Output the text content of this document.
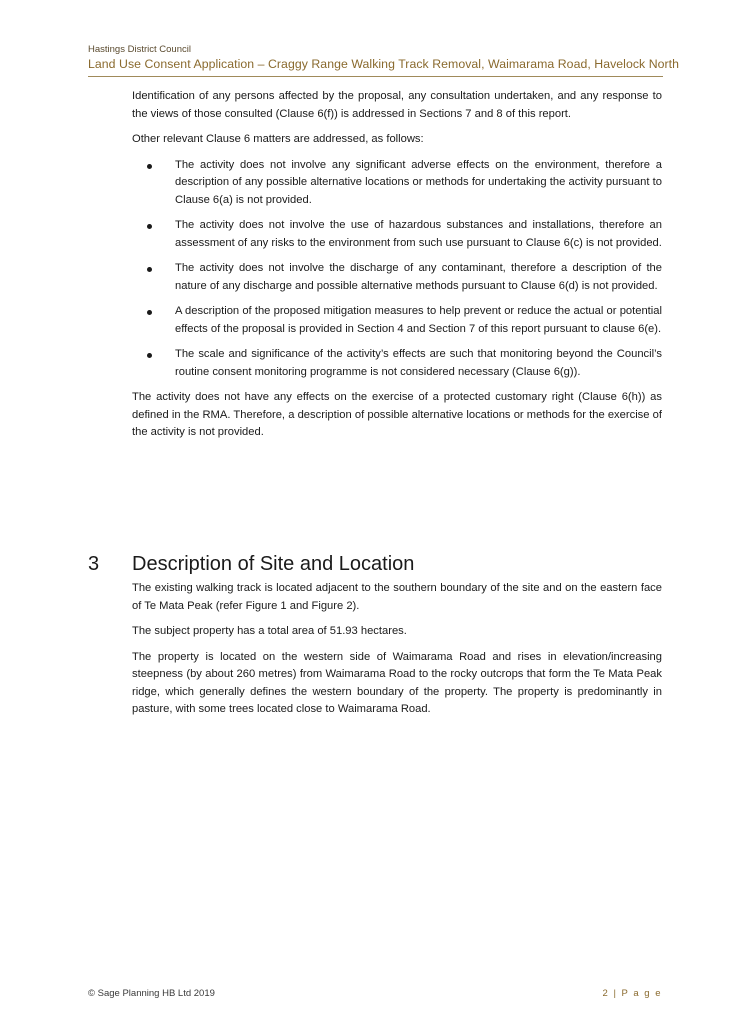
Hastings District Council
Land Use Consent Application – Craggy Range Walking Track Removal, Waimarama Road, Havelock North

Identification of any persons affected by the proposal, any consultation undertaken, and any response to the views of those consulted (Clause 6(f)) is addressed in Sections 7 and 8 of this report.

Other relevant Clause 6 matters are addressed, as follows:

The activity does not involve any significant adverse effects on the environment, therefore a description of any possible alternative locations or methods for undertaking the activity pursuant to Clause 6(a) is not provided.
The activity does not involve the use of hazardous substances and installations, therefore an assessment of any risks to the environment from such use pursuant to Clause 6(c) is not provided.
The activity does not involve the discharge of any contaminant, therefore a description of the nature of any discharge and possible alternative methods pursuant to Clause 6(d) is not provided.
A description of the proposed mitigation measures to help prevent or reduce the actual or potential effects of the proposal is provided in Section 4 and Section 7 of this report pursuant to clause 6(e).
The scale and significance of the activity’s effects are such that monitoring beyond the Council’s routine consent monitoring programme is not considered necessary (Clause 6(g)).

The activity does not have any effects on the exercise of a protected customary right (Clause 6(h)) as defined in the RMA. Therefore, a description of possible alternative locations or methods for the exercise of the activity is not provided.

3 Description of Site and Location

The existing walking track is located adjacent to the southern boundary of the site and on the eastern face of Te Mata Peak (refer Figure 1 and Figure 2).

The subject property has a total area of 51.93 hectares.

The property is located on the western side of Waimarama Road and rises in elevation/increasing steepness (by about 260 metres) from Waimarama Road to the rocky outcrops that form the Te Mata Peak ridge, which generally defines the western boundary of the property. The property is predominantly in pasture, with some trees located close to Waimarama Road.

© Sage Planning HB Ltd 2019	2 | P a g e
